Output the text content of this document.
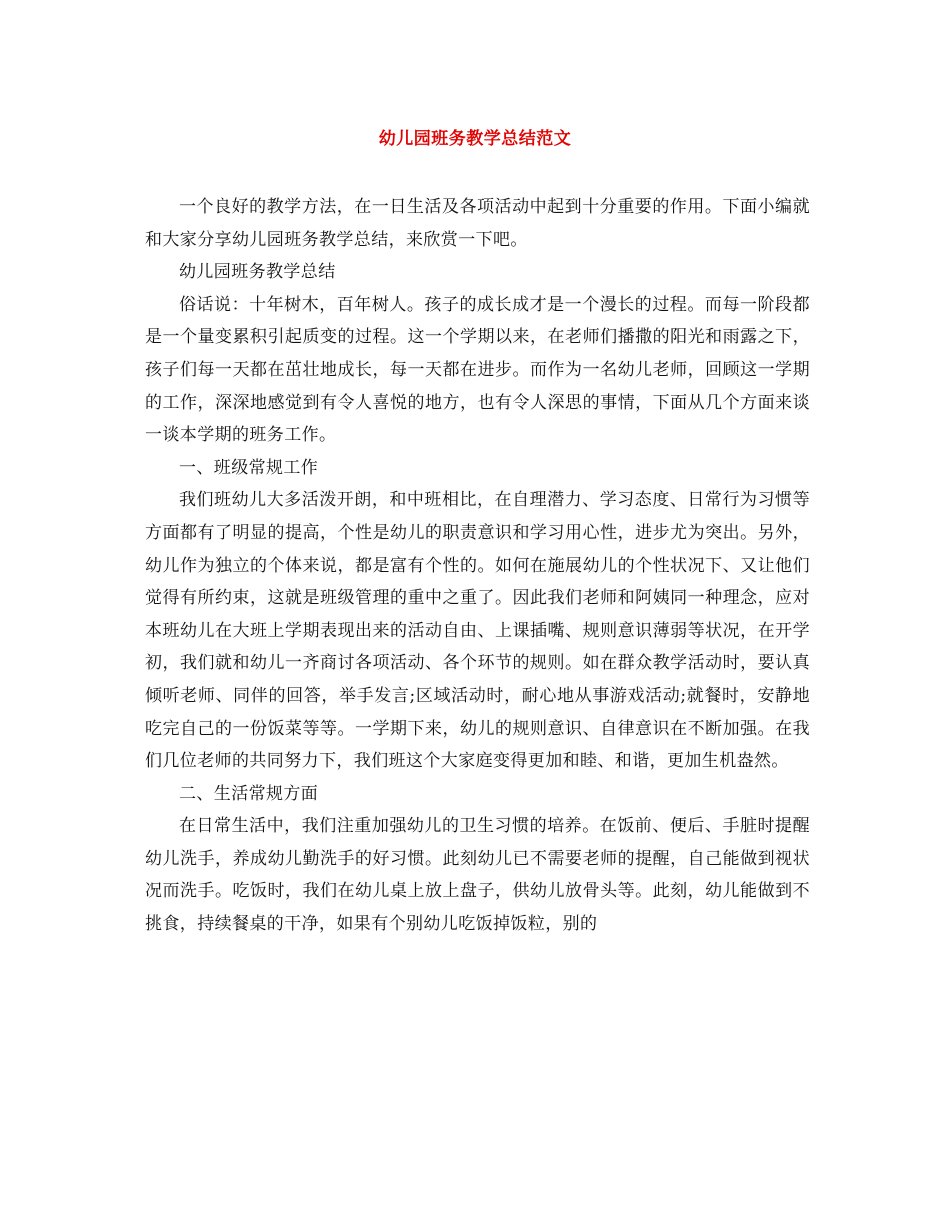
幼儿园班务教学总结范文

一个良好的教学方法，在一日生活及各项活动中起到十分重要的作用。下面小编就和大家分享幼儿园班务教学总结，来欣赏一下吧。

幼儿园班务教学总结

俗话说：十年树木，百年树人。孩子的成长成才是一个漫长的过程。而每一阶段都是一个量变累积引起质变的过程。这一个学期以来，在老师们播撒的阳光和雨露之下，孩子们每一天都在茁壮地成长，每一天都在进步。而作为一名幼儿老师，回顾这一学期的工作，深深地感觉到有令人喜悦的地方，也有令人深思的事情，下面从几个方面来谈一谈本学期的班务工作。

一、班级常规工作

我们班幼儿大多活泼开朗，和中班相比，在自理潜力、学习态度、日常行为习惯等方面都有了明显的提高，个性是幼儿的职责意识和学习用心性，进步尤为突出。另外，幼儿作为独立的个体来说，都是富有个性的。如何在施展幼儿的个性状况下、又让他们觉得有所约束，这就是班级管理的重中之重了。因此我们老师和阿姨同一种理念，应对本班幼儿在大班上学期表现出来的活动自由、上课插嘴、规则意识薄弱等状况，在开学初，我们就和幼儿一齐商讨各项活动、各个环节的规则。如在群众教学活动时，要认真倾听老师、同伴的回答，举手发言;区域活动时，耐心地从事游戏活动;就餐时，安静地吃完自己的一份饭菜等等。一学期下来，幼儿的规则意识、自律意识在不断加强。在我们几位老师的共同努力下，我们班这个大家庭变得更加和睦、和谐，更加生机盎然。

二、生活常规方面

在日常生活中，我们注重加强幼儿的卫生习惯的培养。在饭前、便后、手脏时提醒幼儿洗手，养成幼儿勤洗手的好习惯。此刻幼儿已不需要老师的提醒，自己能做到视状况而洗手。吃饭时，我们在幼儿桌上放上盘子，供幼儿放骨头等。此刻，幼儿能做到不挑食，持续餐桌的干净，如果有个别幼儿吃饭掉饭粒，别的
